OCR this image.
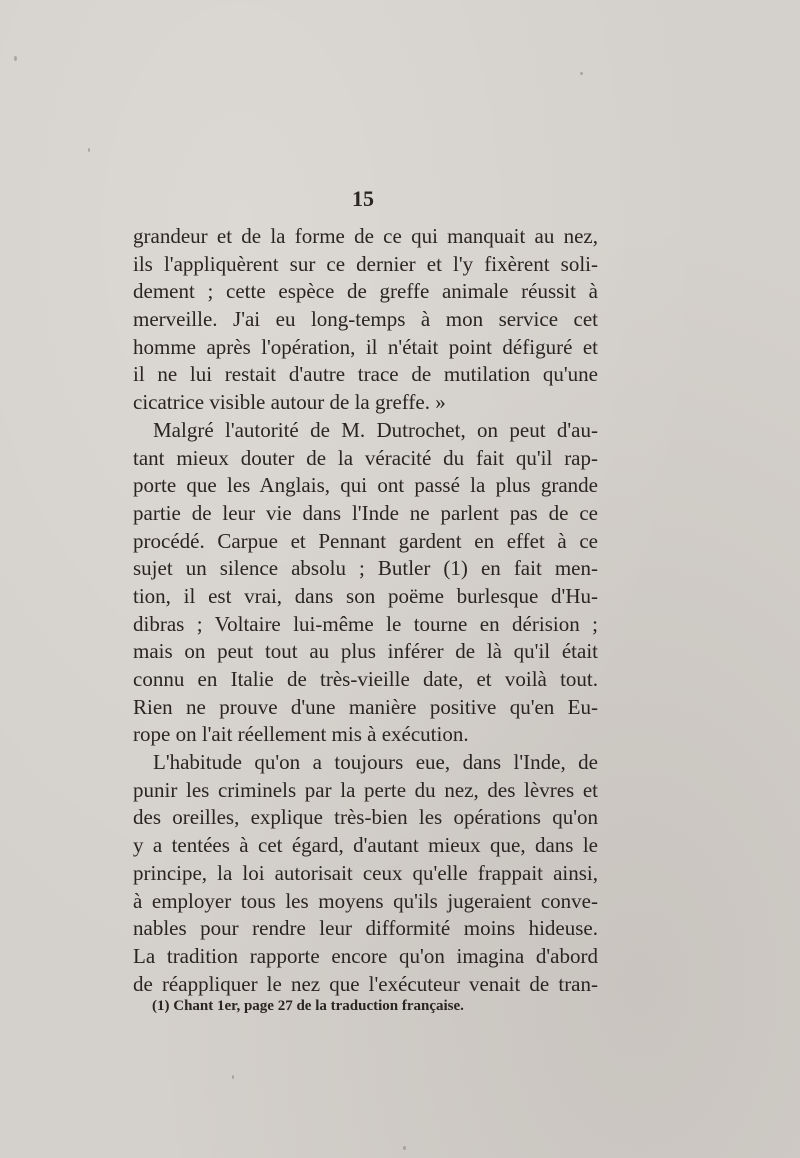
15
grandeur et de la forme de ce qui manquait au nez,
ils l'appliquèrent sur ce dernier et l'y fixèrent soli-
dement ; cette espèce de greffe animale réussit à
merveille. J'ai eu long-temps à mon service cet
homme après l'opération, il n'était point défiguré et
il ne lui restait d'autre trace de mutilation qu'une
cicatrice visible autour de la greffe. »
Malgré l'autorité de M. Dutrochet, on peut d'au-
tant mieux douter de la véracité du fait qu'il rap-
porte que les Anglais, qui ont passé la plus grande
partie de leur vie dans l'Inde ne parlent pas de ce
procédé. Carpue et Pennant gardent en effet à ce
sujet un silence absolu ; Butler (1) en fait men-
tion, il est vrai, dans son poëme burlesque d'Hu-
dibras ; Voltaire lui-même le tourne en dérision ;
mais on peut tout au plus inférer de là qu'il était
connu en Italie de très-vieille date, et voilà tout.
Rien ne prouve d'une manière positive qu'en Eu-
rope on l'ait réellement mis à exécution.
L'habitude qu'on a toujours eue, dans l'Inde, de
punir les criminels par la perte du nez, des lèvres et
des oreilles, explique très-bien les opérations qu'on
y a tentées à cet égard, d'autant mieux que, dans le
principe, la loi autorisait ceux qu'elle frappait ainsi,
à employer tous les moyens qu'ils jugeraient conve-
nables pour rendre leur difformité moins hideuse.
La tradition rapporte encore qu'on imagina d'abord
de réappliquer le nez que l'exécuteur venait de tran-
(1) Chant 1er, page 27 de la traduction française.
